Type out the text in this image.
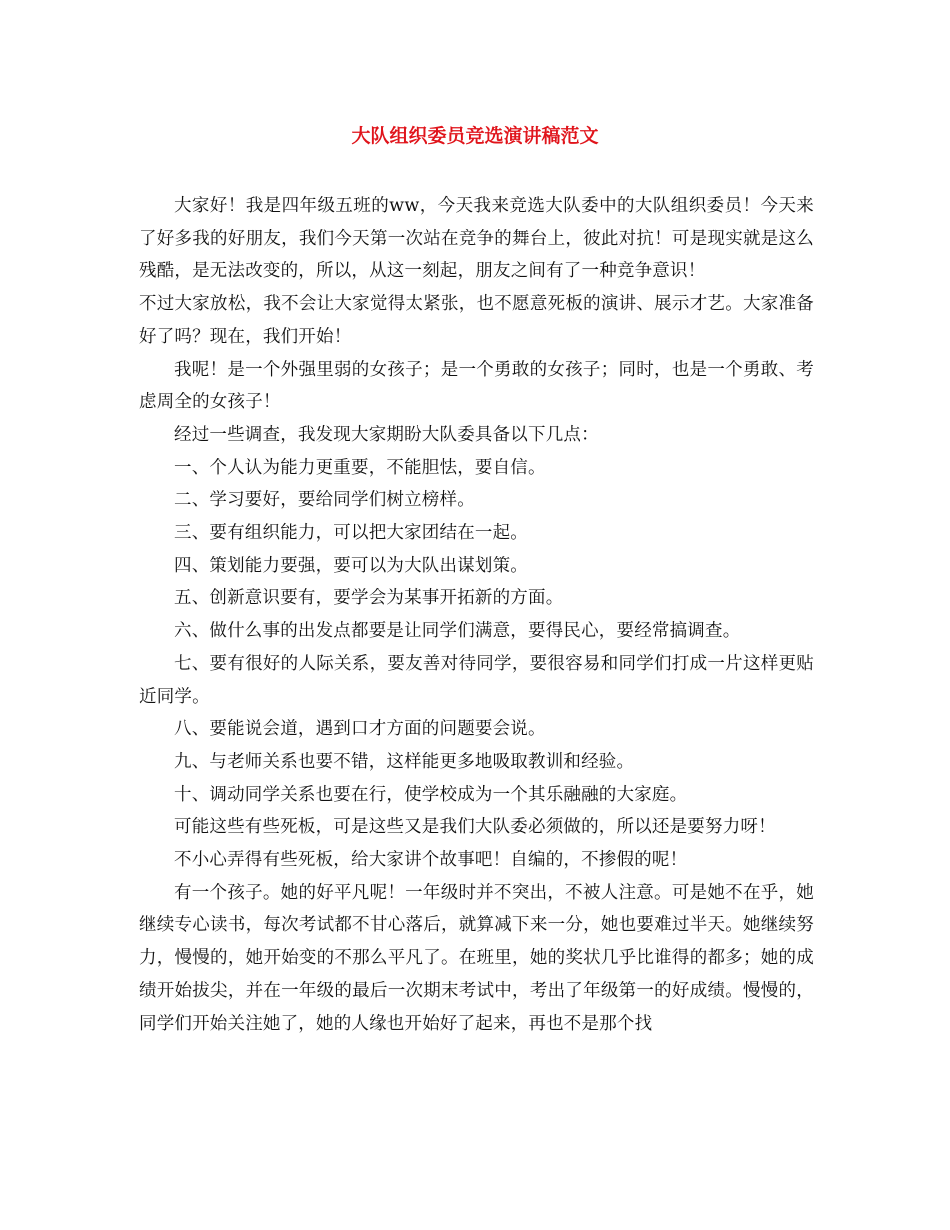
大队组织委员竞选演讲稿范文

大家好！我是四年级五班的ww，今天我来竞选大队委中的大队组织委员！今天来了好多我的好朋友，我们今天第一次站在竞争的舞台上，彼此对抗！可是现实就是这么残酷，是无法改变的，所以，从这一刻起，朋友之间有了一种竞争意识！

不过大家放松，我不会让大家觉得太紧张，也不愿意死板的演讲、展示才艺。大家准备好了吗？现在，我们开始！

我呢！是一个外强里弱的女孩子；是一个勇敢的女孩子；同时，也是一个勇敢、考虑周全的女孩子！

经过一些调查，我发现大家期盼大队委具备以下几点：

一、个人认为能力更重要，不能胆怯，要自信。

二、学习要好，要给同学们树立榜样。

三、要有组织能力，可以把大家团结在一起。

四、策划能力要强，要可以为大队出谋划策。

五、创新意识要有，要学会为某事开拓新的方面。

六、做什么事的出发点都要是让同学们满意，要得民心，要经常搞调查。

七、要有很好的人际关系，要友善对待同学，要很容易和同学们打成一片这样更贴近同学。

八、要能说会道，遇到口才方面的问题要会说。

九、与老师关系也要不错，这样能更多地吸取教训和经验。

十、调动同学关系也要在行，使学校成为一个其乐融融的大家庭。

可能这些有些死板，可是这些又是我们大队委必须做的，所以还是要努力呀！

不小心弄得有些死板，给大家讲个故事吧！自编的，不掺假的呢！

有一个孩子。她的好平凡呢！一年级时并不突出，不被人注意。可是她不在乎，她继续专心读书，每次考试都不甘心落后，就算减下来一分，她也要难过半天。她继续努力，慢慢的，她开始变的不那么平凡了。在班里，她的奖状几乎比谁得的都多；她的成绩开始拔尖，并在一年级的最后一次期末考试中，考出了年级第一的好成绩。慢慢的，同学们开始关注她了，她的人缘也开始好了起来，再也不是那个找
